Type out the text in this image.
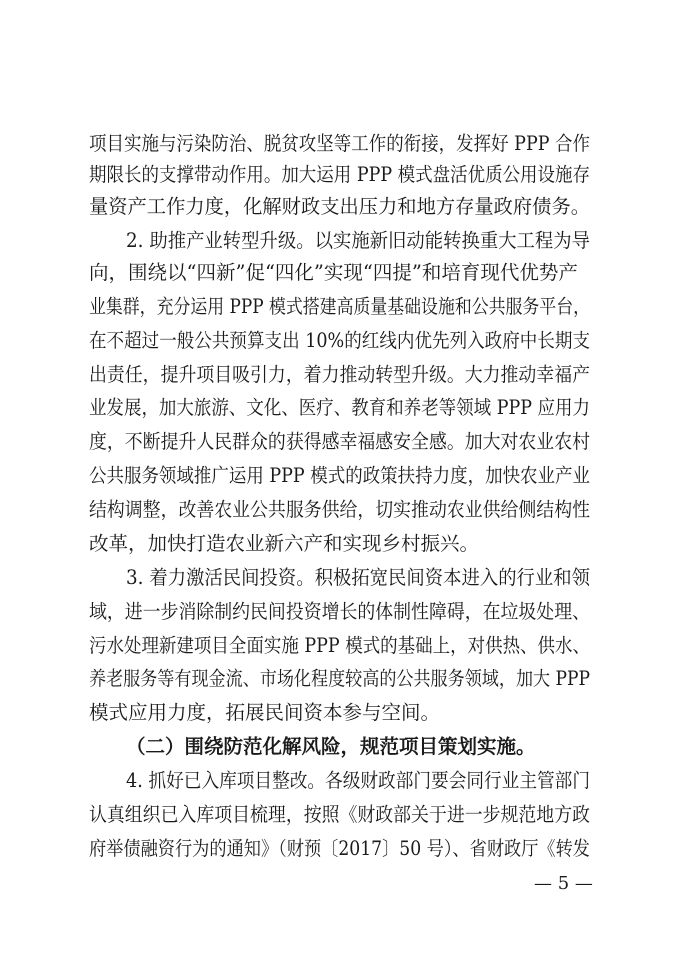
项目实施与污染防治、脱贫攻坚等工作的衔接，发挥好 PPP 合作
期限长的支撑带动作用。加大运用 PPP 模式盘活优质公用设施存
量资产工作力度，化解财政支出压力和地方存量政府债务。
2. 助推产业转型升级。以实施新旧动能转换重大工程为导
向，围绕以“四新”促“四化”实现“四提”和培育现代优势产
业集群，充分运用 PPP 模式搭建高质量基础设施和公共服务平台，
在不超过一般公共预算支出 10%的红线内优先列入政府中长期支
出责任，提升项目吸引力，着力推动转型升级。大力推动幸福产
业发展，加大旅游、文化、医疗、教育和养老等领域 PPP 应用力
度，不断提升人民群众的获得感幸福感安全感。加大对农业农村
公共服务领域推广运用 PPP 模式的政策扶持力度，加快农业产业
结构调整，改善农业公共服务供给，切实推动农业供给侧结构性
改革，加快打造农业新六产和实现乡村振兴。
3. 着力激活民间投资。积极拓宽民间资本进入的行业和领
域，进一步消除制约民间投资增长的体制性障碍，在垃圾处理、
污水处理新建项目全面实施 PPP 模式的基础上，对供热、供水、
养老服务等有现金流、市场化程度较高的公共服务领域，加大 PPP
模式应用力度，拓展民间资本参与空间。
（二）围绕防范化解风险，规范项目策划实施。
4. 抓好已入库项目整改。各级财政部门要会同行业主管部门
认真组织已入库项目梳理，按照《财政部关于进一步规范地方政
府举债融资行为的通知》（财预〔2017〕50 号）、省财政厅《转发
— 5 —
